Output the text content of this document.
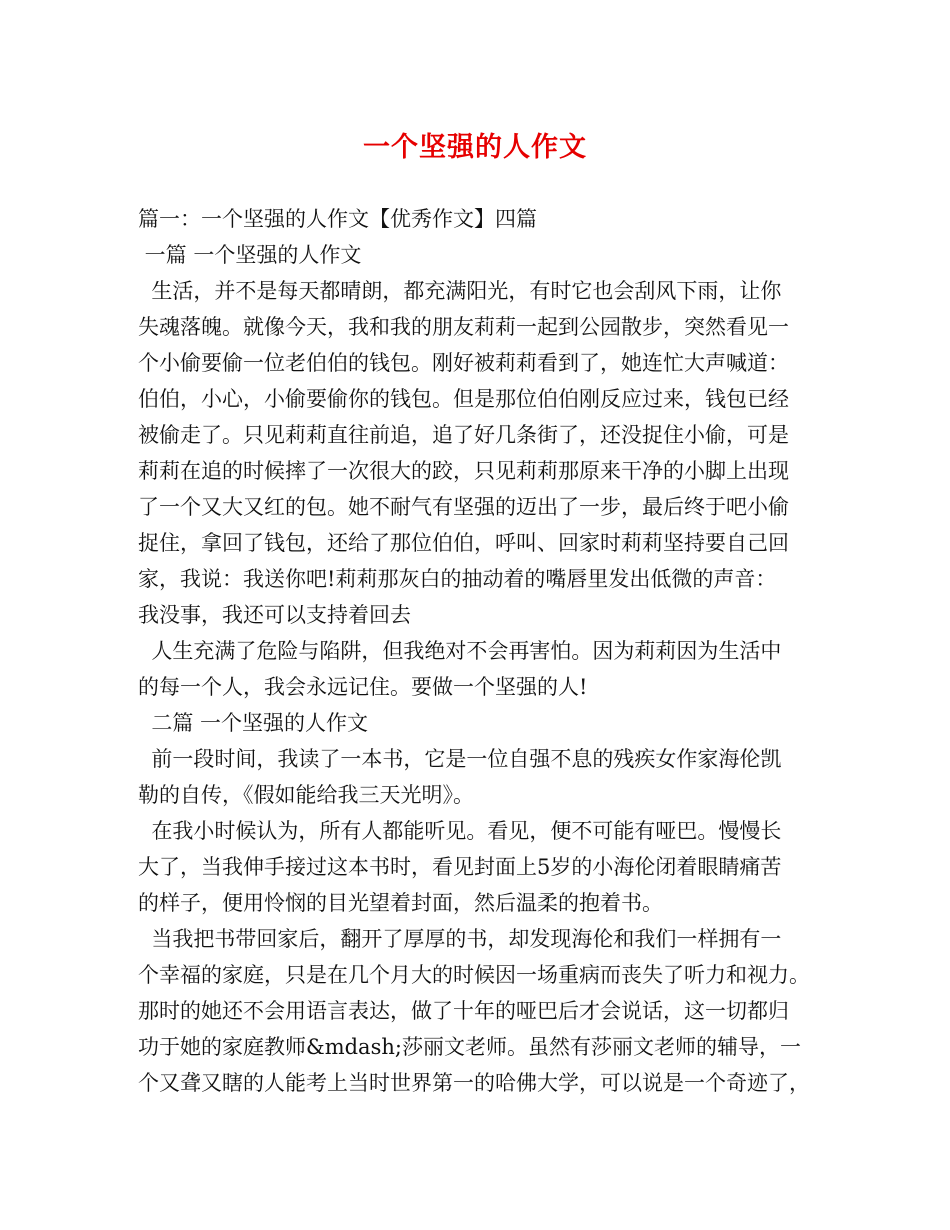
一个坚强的人作文
篇一：一个坚强的人作文【优秀作文】四篇
一篇 一个坚强的人作文
生活，并不是每天都晴朗，都充满阳光，有时它也会刮风下雨，让你
失魂落魄。就像今天，我和我的朋友莉莉一起到公园散步，突然看见一
个小偷要偷一位老伯伯的钱包。刚好被莉莉看到了，她连忙大声喊道：
伯伯，小心，小偷要偷你的钱包。但是那位伯伯刚反应过来，钱包已经
被偷走了。只见莉莉直往前追，追了好几条街了，还没捉住小偷，可是
莉莉在追的时候摔了一次很大的跤，只见莉莉那原来干净的小脚上出现
了一个又大又红的包。她不耐气有坚强的迈出了一步，最后终于吧小偷
捉住，拿回了钱包，还给了那位伯伯，呼叫、回家时莉莉坚持要自己回
家，我说：我送你吧!莉莉那灰白的抽动着的嘴唇里发出低微的声音：
我没事，我还可以支持着回去
人生充满了危险与陷阱，但我绝对不会再害怕。因为莉莉因为生活中
的每一个人，我会永远记住。要做一个坚强的人!
二篇 一个坚强的人作文
前一段时间，我读了一本书，它是一位自强不息的残疾女作家海伦凯
勒的自传，《假如能给我三天光明》。
在我小时候认为，所有人都能听见。看见，便不可能有哑巴。慢慢长
大了，当我伸手接过这本书时，看见封面上5岁的小海伦闭着眼睛痛苦
的样子，便用怜悯的目光望着封面，然后温柔的抱着书。
当我把书带回家后，翻开了厚厚的书，却发现海伦和我们一样拥有一
个幸福的家庭，只是在几个月大的时候因一场重病而丧失了听力和视力。
那时的她还不会用语言表达，做了十年的哑巴后才会说话，这一切都归
功于她的家庭教师&mdash;莎丽文老师。虽然有莎丽文老师的辅导，一
个又聋又瞎的人能考上当时世界第一的哈佛大学，可以说是一个奇迹了，
